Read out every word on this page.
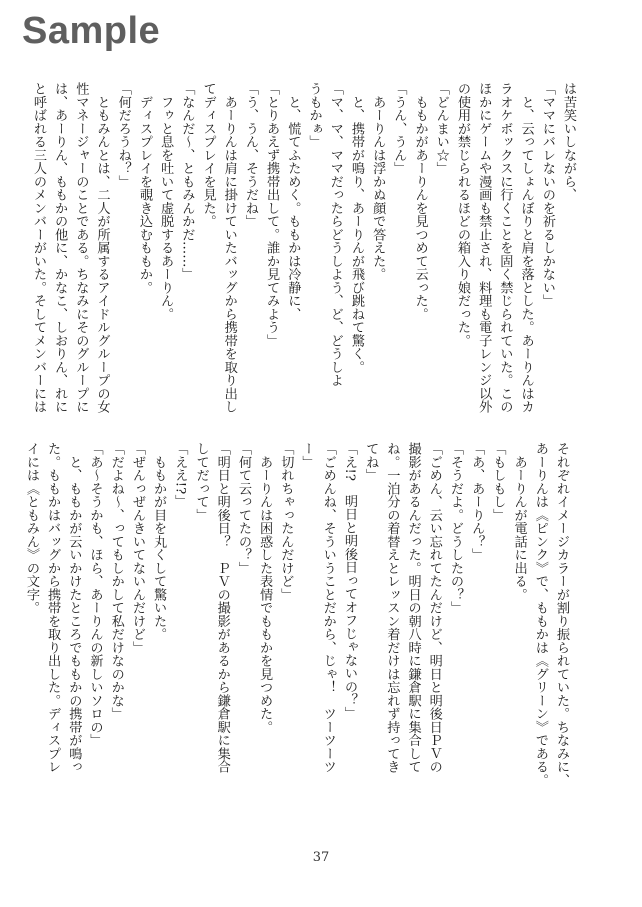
Sample
は苦笑いしながら、
「ママにバレないのを祈るしかない」
　と、云ってしょんぼりと肩を落とした。あーりんはカ
ラオケボックスに行くことを固く禁じられていた。この
ほかにゲームや漫画も禁止され、料理も電子レンジ以外
の使用が禁じられるほどの箱入り娘だった。
「どんまい☆」
　ももかがあーりんを見つめて云った。
「うん、うん」
　あーりんは浮かぬ顔で答えた。
　と、携帯が鳴り、あーりんが飛び跳ねて驚く。
「マ、マ、ママだったらどうしよう、ど、どうしよ
うもかぁ」
　と、慌てふためく。ももかは冷静に、
「とりあえず携帯出して。誰か見てみよう」
「う、うん、そうだね」
　あーりんは肩に掛けていたバッグから携帯を取り出し
てディスプレイを見た。
「なんだ～、ともみんかだ……」
　フゥと息を吐いて虚脱するあーりん。
　ディスプレイを覗き込むももか。
「何だろうね？」
　ともみんとは、二人が所属するアイドルグループの女
性マネージャーのことである。ちなみにそのグループに
は、あーりん、ももかの他に、かなこ、しおりん、れに
と呼ばれる三人のメンバーがいた。そしてメンバーには
それぞれイメージカラーが割り振られていた。ちなみに、
あーりんは《ピンク》で、ももかは《グリーン》である。
　あーりんが電話に出る。
「もしもし」
「あ、あーりん？」
「そうだよ。どうしたの？」
「ごめん、云い忘れてたんだけど、明日と明後日ＰＶの
撮影があるんだった。明日の朝八時に鎌倉駅に集合して
ね。一泊分の着替えとレッスン着だけは忘れず持ってき
てね」
「え!?　明日と明後日ってオフじゃないの？」
「ごめんね、そういうことだから、じゃ！　ツーツーツ
ー」
「切れちゃったんだけど」
　あーりんは困惑した表情でももかを見つめた。
「何て云ってたの？」
「明日と明後日？　ＰＶの撮影があるから鎌倉駅に集合
してだって」
「ええ!?」
　ももかが目を丸くして驚いた。
「ぜんっぜんきいてないんだけど」
「だよね～、ってもしかして私だけなのかな」
「あ～そうかも、ほら、あーりんの新しいソロの」
　と、ももかが云いかけたところでももかの携帯が鳴っ
た。ももかはバッグから携帯を取り出した。ディスプレ
イには《ともみん》の文字。
37
